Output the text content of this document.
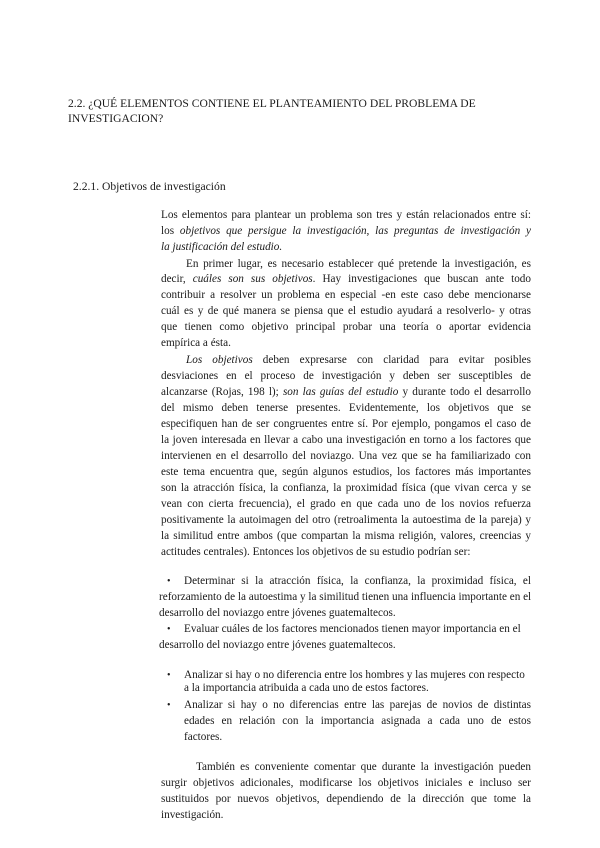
2.2. ¿QUÉ ELEMENTOS CONTIENE EL PLANTEAMIENTO DEL PROBLEMA DE
INVESTIGACION?
2.2.1. Objetivos de investigación
Los elementos para plantear un problema son tres y están relacionados entre sí:
los objetivos que persigue la investigación, las preguntas de investigación y
la justificación del estudio.
En primer lugar, es necesario establecer qué pretende la investigación, es
decir, cuáles son sus objetivos. Hay investigaciones que buscan ante todo
contribuir a resolver un problema en especial -en este caso debe mencionarse
cuál es y de qué manera se piensa que el estudio ayudará a resolverlo- y otras
que tienen como objetivo principal probar una teoría o aportar evidencia
empírica a ésta.
Los objetivos deben expresarse con claridad para evitar posibles
desviaciones en el proceso de investigación y deben ser susceptibles de
alcanzarse (Rojas, 198 l); son las guías del estudio y durante todo el desarrollo
del mismo deben tenerse presentes. Evidentemente, los objetivos que se
especifiquen han de ser congruentes entre sí. Por ejemplo, pongamos el caso de
la joven interesada en llevar a cabo una investigación en torno a los factores que
intervienen en el desarrollo del noviazgo. Una vez que se ha familiarizado con
este tema encuentra que, según algunos estudios, los factores más importantes
son la atracción física, la confianza, la proximidad física (que vivan cerca y se
vean con cierta frecuencia), el grado en que cada uno de los novios refuerza
positivamente la autoimagen del otro (retroalimenta la autoestima de la pareja) y
la similitud entre ambos (que compartan la misma religión, valores, creencias y
actitudes centrales). Entonces los objetivos de su estudio podrían ser:
• Determinar si la atracción física, la confianza, la proximidad física, el
reforzamiento de la autoestima y la similitud tienen una influencia importante en el
desarrollo del noviazgo entre jóvenes guatemaltecos.
• Evaluar cuáles de los factores mencionados tienen mayor importancia en el
desarrollo del noviazgo entre jóvenes guatemaltecos.
• Analizar si hay o no diferencia entre los hombres y las mujeres con respecto
a la importancia atribuida a cada uno de estos factores.
• Analizar si hay o no diferencias entre las parejas de novios de distintas
edades en relación con la importancia asignada a cada uno de estos
factores.
También es conveniente comentar que durante la investigación pueden
surgir objetivos adicionales, modificarse los objetivos iniciales e incluso ser
sustituidos por nuevos objetivos, dependiendo de la dirección que tome la
investigación.
